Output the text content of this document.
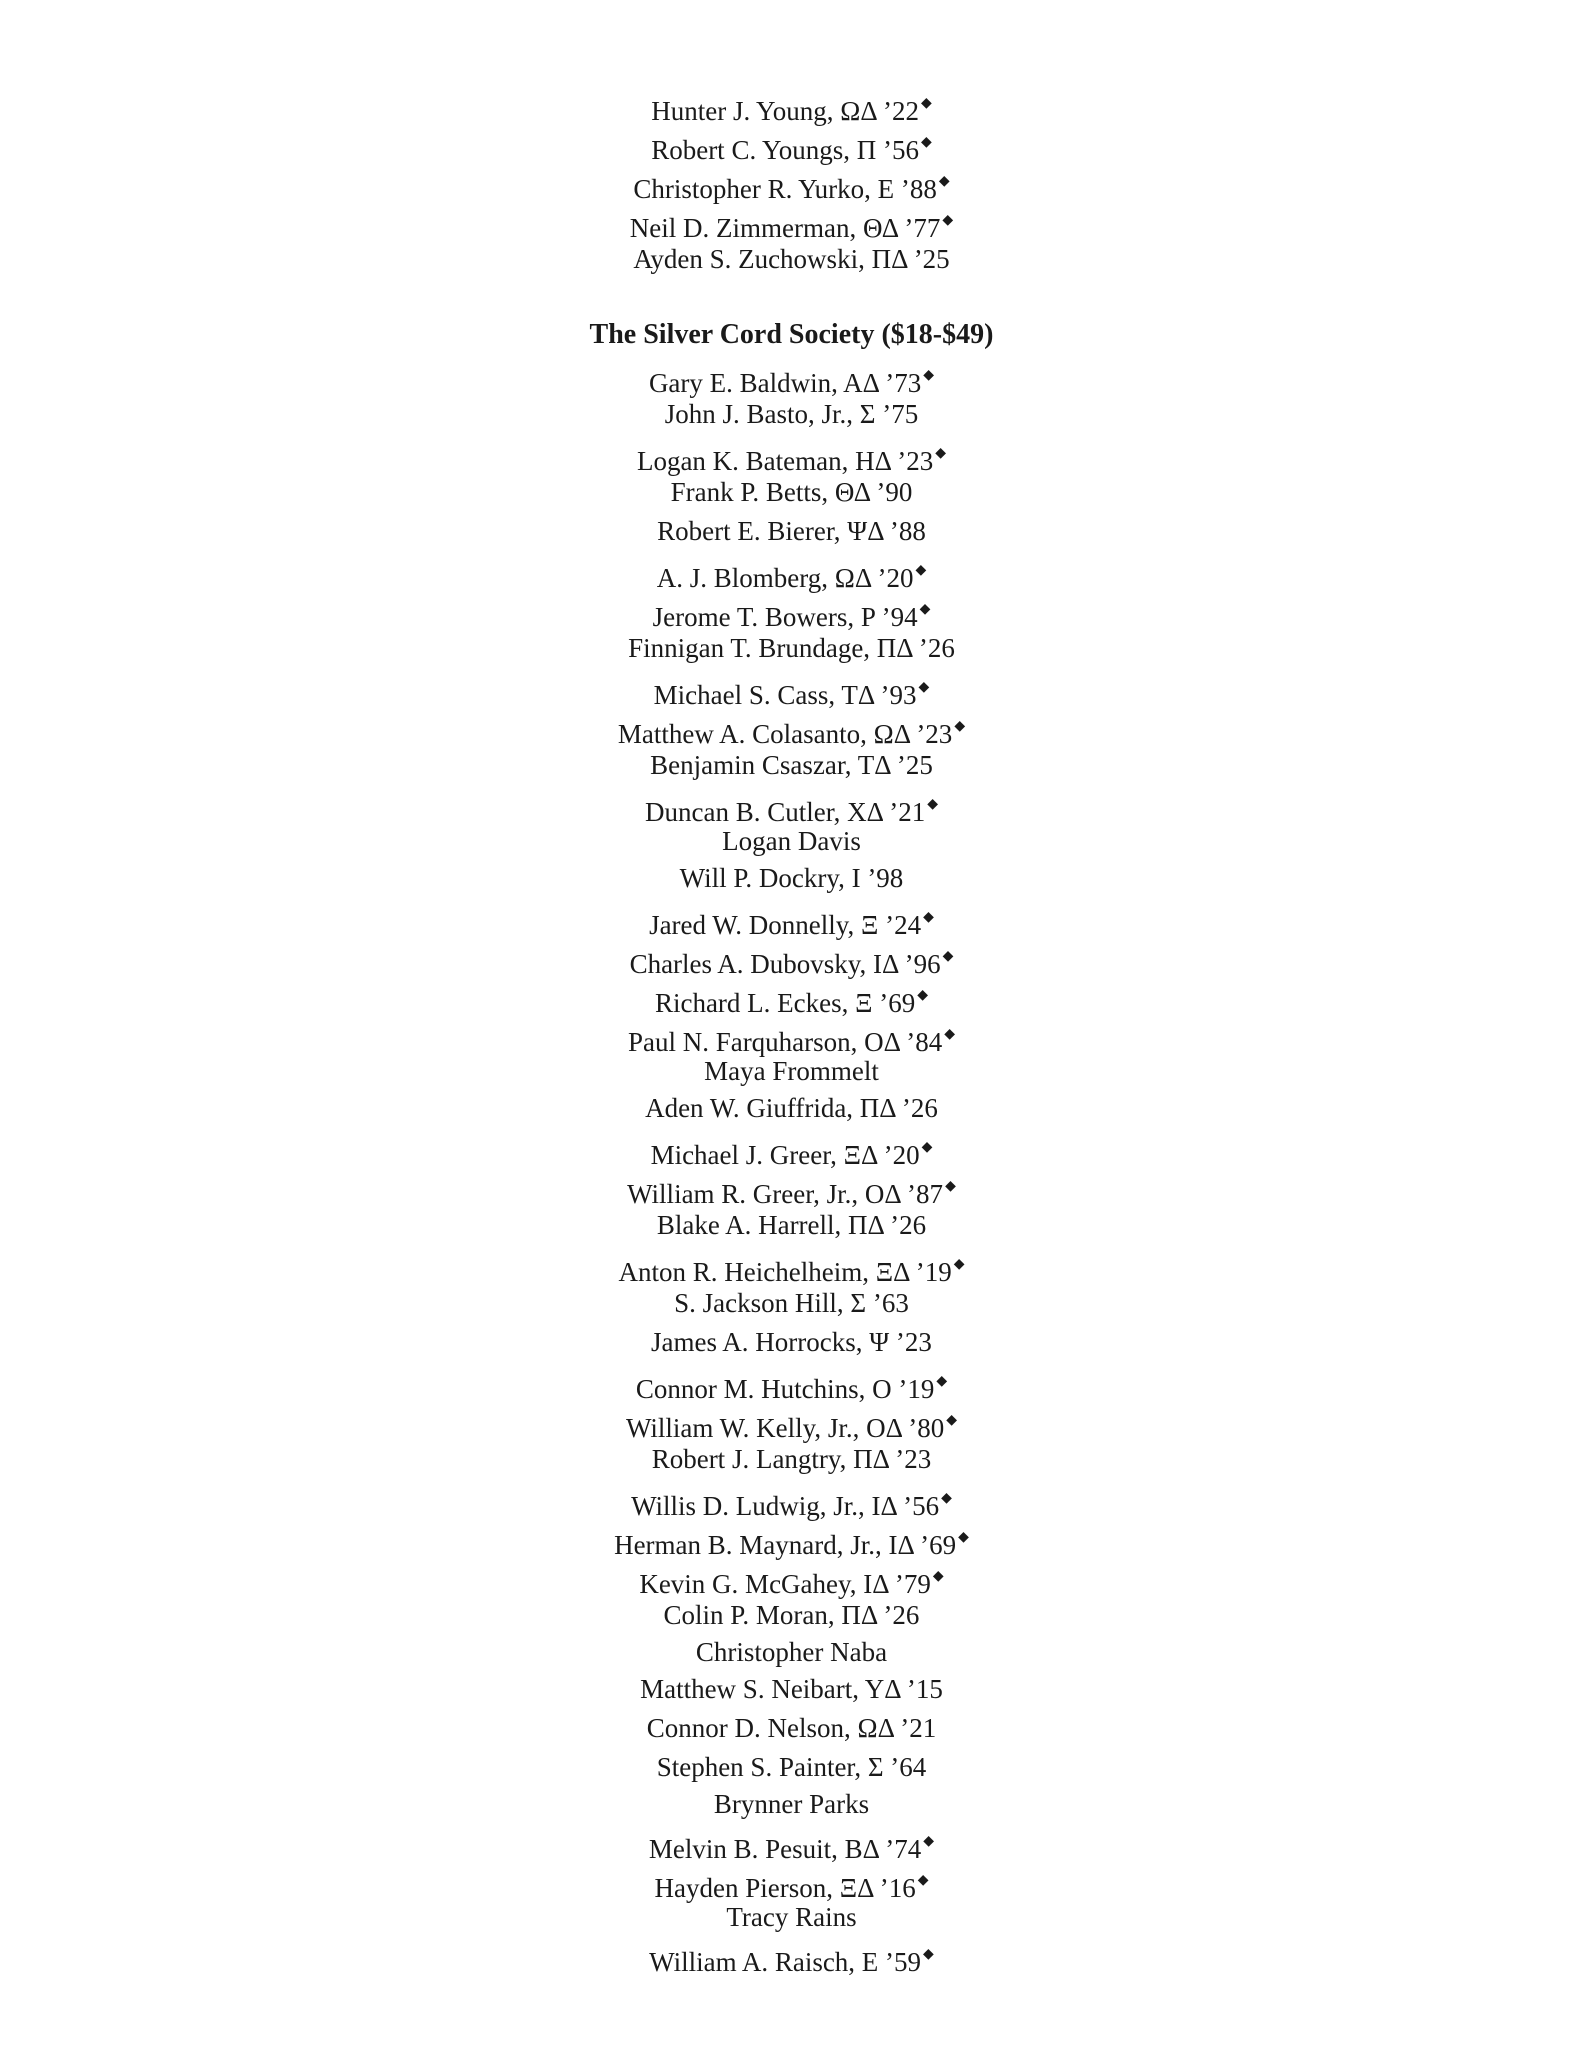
Hunter J. Young, ΩΔ ’22 ◆
Robert C. Youngs, Π ’56 ◆
Christopher R. Yurko, E ’88 ◆
Neil D. Zimmerman, ΘΔ ’77 ◆
Ayden S. Zuchowski, ΠΔ ’25
The Silver Cord Society ($18-$49)
Gary E. Baldwin, AΔ ’73 ◆
John J. Basto, Jr., Σ ’75
Logan K. Bateman, HΔ ’23 ◆
Frank P. Betts, ΘΔ ’90
Robert E. Bierer, ΨΔ ’88
A. J. Blomberg, ΩΔ ’20 ◆
Jerome T. Bowers, P ’94 ◆
Finnigan T. Brundage, ΠΔ ’26
Michael S. Cass, TΔ ’93 ◆
Matthew A. Colasanto, ΩΔ ’23 ◆
Benjamin Csaszar, TΔ ’25
Duncan B. Cutler, XΔ ’21 ◆
Logan Davis
Will P. Dockry, I ’98
Jared W. Donnelly, Ξ ’24 ◆
Charles A. Dubovsky, IΔ ’96 ◆
Richard L. Eckes, Ξ ’69 ◆
Paul N. Farquharson, OΔ ’84 ◆
Maya Frommelt
Aden W. Giuffrida, ΠΔ ’26
Michael J. Greer, ΞΔ ’20 ◆
William R. Greer, Jr., OΔ ’87 ◆
Blake A. Harrell, ΠΔ ’26
Anton R. Heichelheim, ΞΔ ’19 ◆
S. Jackson Hill, Σ ’63
James A. Horrocks, Ψ ’23
Connor M. Hutchins, O ’19 ◆
William W. Kelly, Jr., OΔ ’80 ◆
Robert J. Langtry, ΠΔ ’23
Willis D. Ludwig, Jr., IΔ ’56 ◆
Herman B. Maynard, Jr., IΔ ’69 ◆
Kevin G. McGahey, IΔ ’79 ◆
Colin P. Moran, ΠΔ ’26
Christopher Naba
Matthew S. Neibart, YΔ ’15
Connor D. Nelson, ΩΔ ’21
Stephen S. Painter, Σ ’64
Brynner Parks
Melvin B. Pesuit, BΔ ’74 ◆
Hayden Pierson, ΞΔ ’16 ◆
Tracy Rains
William A. Raisch, E ’59 ◆
